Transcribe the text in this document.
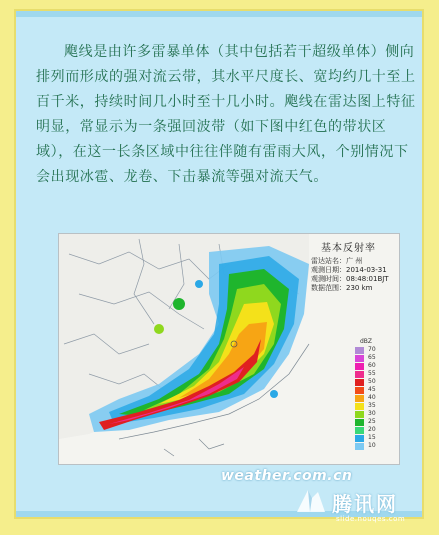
飑线是由许多雷暴单体（其中包括若干超级单体）侧向排列而形成的强对流云带，其水平尺度长、宽均约几十至上百千米，持续时间几小时至十几小时。飑线在雷达图上特征明显，常显示为一条强回波带（如下图中红色的带状区域），在这一长条区域中往往伴随有雷雨大风，个别情况下会出现冰雹、龙卷、下击暴流等强对流天气。

基本反射率
雷达站名：广 州
观测日期：2014-03-31
观测时间：08:48:01BJT
数据范围：230 km
dBZ
70
65
60
55
50
45
40
35
30
25
20
15
10
weather.com.cn
腾讯网
slide.nouqes.com
